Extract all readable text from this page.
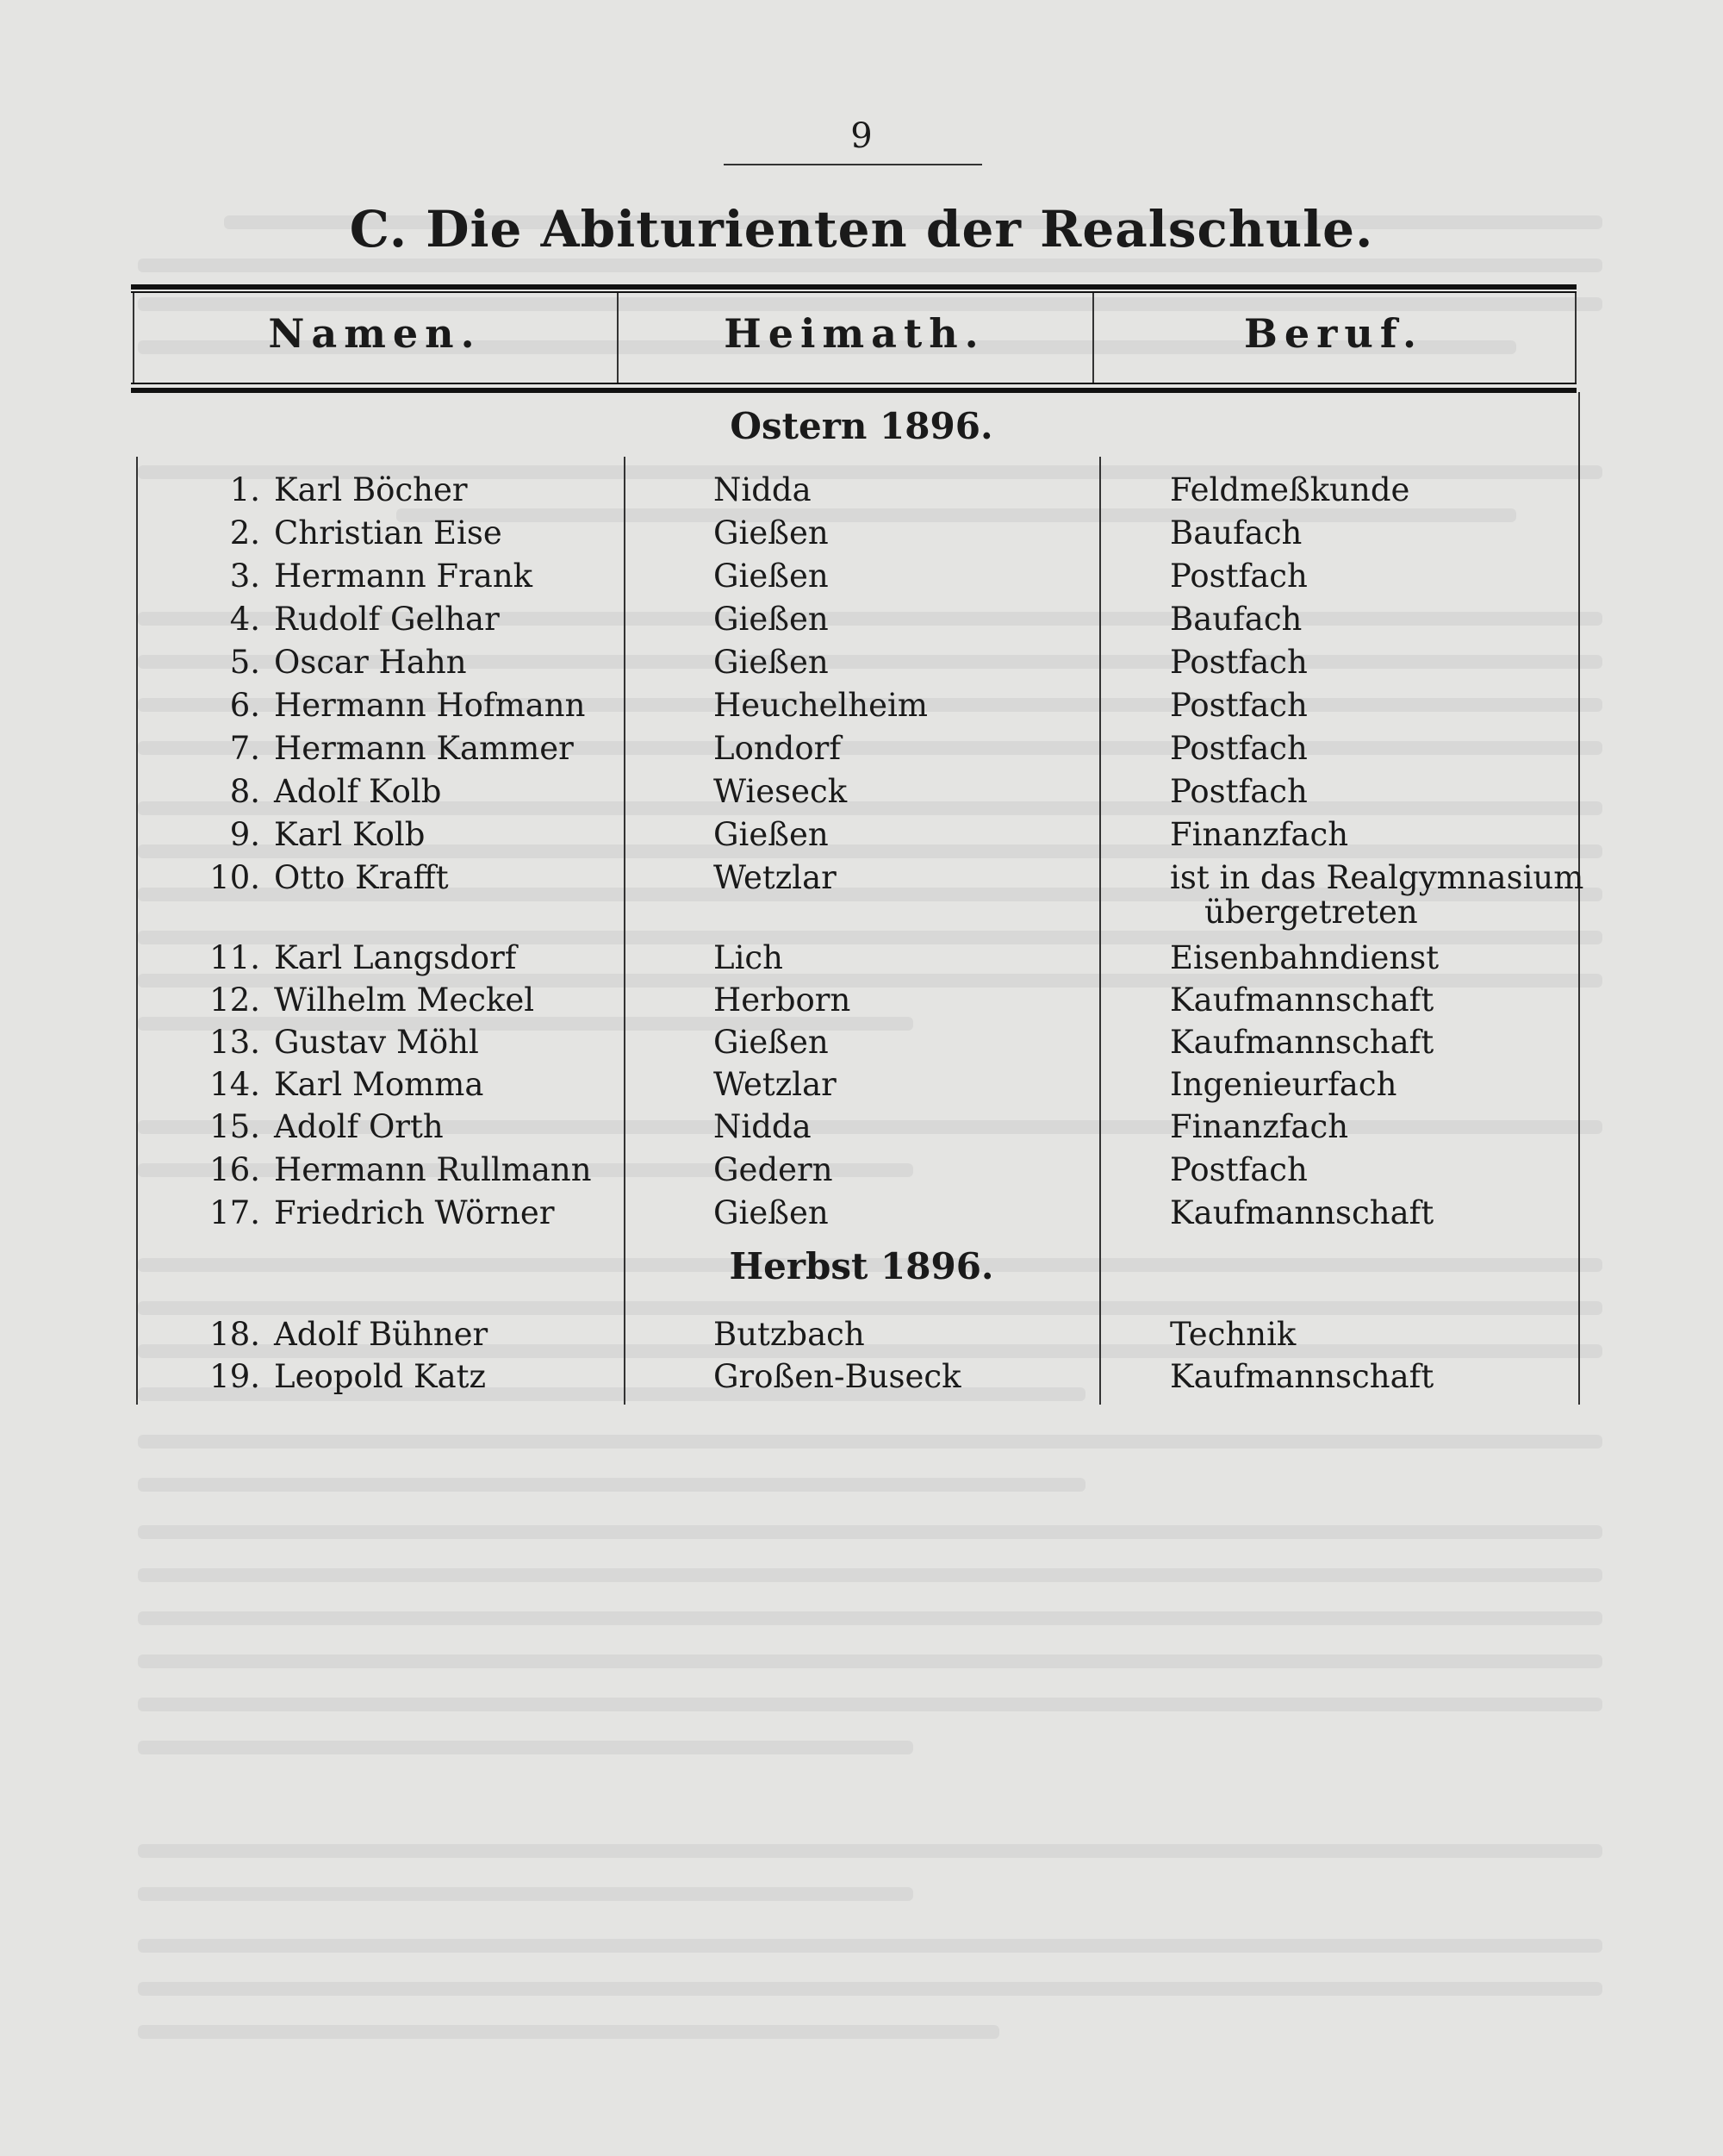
9
C. Die Abiturienten der Realschule.
Namen.	Heimath.	Beruf.
Ostern 1896.
1. Karl Böcher	Nidda	Feldmeßkunde
2. Christian Eise	Gießen	Baufach
3. Hermann Frank	Gießen	Postfach
4. Rudolf Gelhar	Gießen	Baufach
5. Oscar Hahn	Gießen	Postfach
6. Hermann Hofmann	Heuchelheim	Postfach
7. Hermann Kammer	Londorf	Postfach
8. Adolf Kolb	Wieseck	Postfach
9. Karl Kolb	Gießen	Finanzfach
10. Otto Krafft	Wetzlar	ist in das Realgymnasium
übergetreten
11. Karl Langsdorf	Lich	Eisenbahndienst
12. Wilhelm Meckel	Herborn	Kaufmannschaft
13. Gustav Möhl	Gießen	Kaufmannschaft
14. Karl Momma	Wetzlar	Ingenieurfach
15. Adolf Orth	Nidda	Finanzfach
16. Hermann Rullmann	Gedern	Postfach
17. Friedrich Wörner	Gießen	Kaufmannschaft
Herbst 1896.
18. Adolf Bühner	Butzbach	Technik
19. Leopold Katz	Großen-Buseck	Kaufmannschaft
